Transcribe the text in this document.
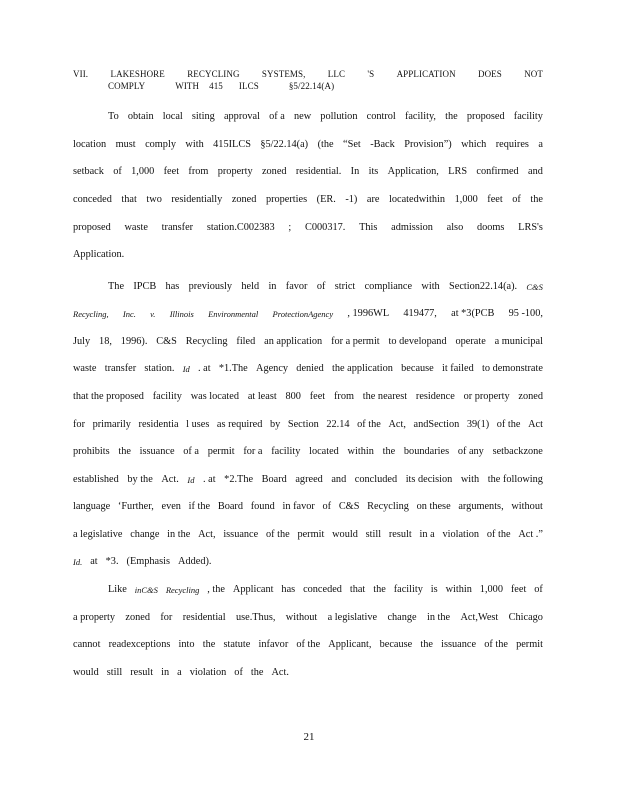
VII. LAKESHORE RECYCLING SYSTEMS, LLC 'S APPLICATION DOES NOT
COMPLY	WITH 415 ILCS	§5/22.14(A)
To obtain local siting approval of a new pollution control facility, the proposed facility
location must comply with 415ILCS §5/22.14(a) (the “Set -Back Provision”) which requires a
setback of 1,000 feet from property zoned residential. In its Application, LRS confirmed and
conceded that two residentially zoned properties (ER. -1) are locatedwithin 1,000 feet of the
proposed waste transfer station.C002383 ; C000317. This admission also dooms LRS's
Application.
The IPCB has previously held in favor of strict compliance with Section22.14(a). C&S
Recycling, Inc. v. Illinois Environmental ProtectionAgency , 1996WL 419477, at *3(PCB 95 -100,
July 18, 1996). C&S Recycling filed an application for a permit to developand operate a municipal
waste transfer station. Id . at *1.The Agency denied the application because it failed to demonstrate
that the proposed facility was located at least 800 feet from the nearest residence or property zoned
for primarily residentia l uses as required by Section 22.14 of the Act, andSection 39(1) of the Act
prohibits the issuance of a permit for a facility located within the boundaries of any setbackzone
established by the Act. Id . at *2.The Board agreed and concluded its decision with the following
language ‘Further, even if the Board found in favor of C&S Recycling on these arguments, without
a legislative change in the Act, issuance of the permit would still result in a violation of the Act .”
Id. at *3. (Emphasis Added).
Like inC&S Recycling , the Applicant has conceded that the facility is within 1,000 feet of
a property zoned for residential use.Thus, without a legislative change in the Act,West Chicago
cannot readexceptions into the statute infavor of the Applicant, because the issuance of the permit
would still result in a violation of the Act.
21
